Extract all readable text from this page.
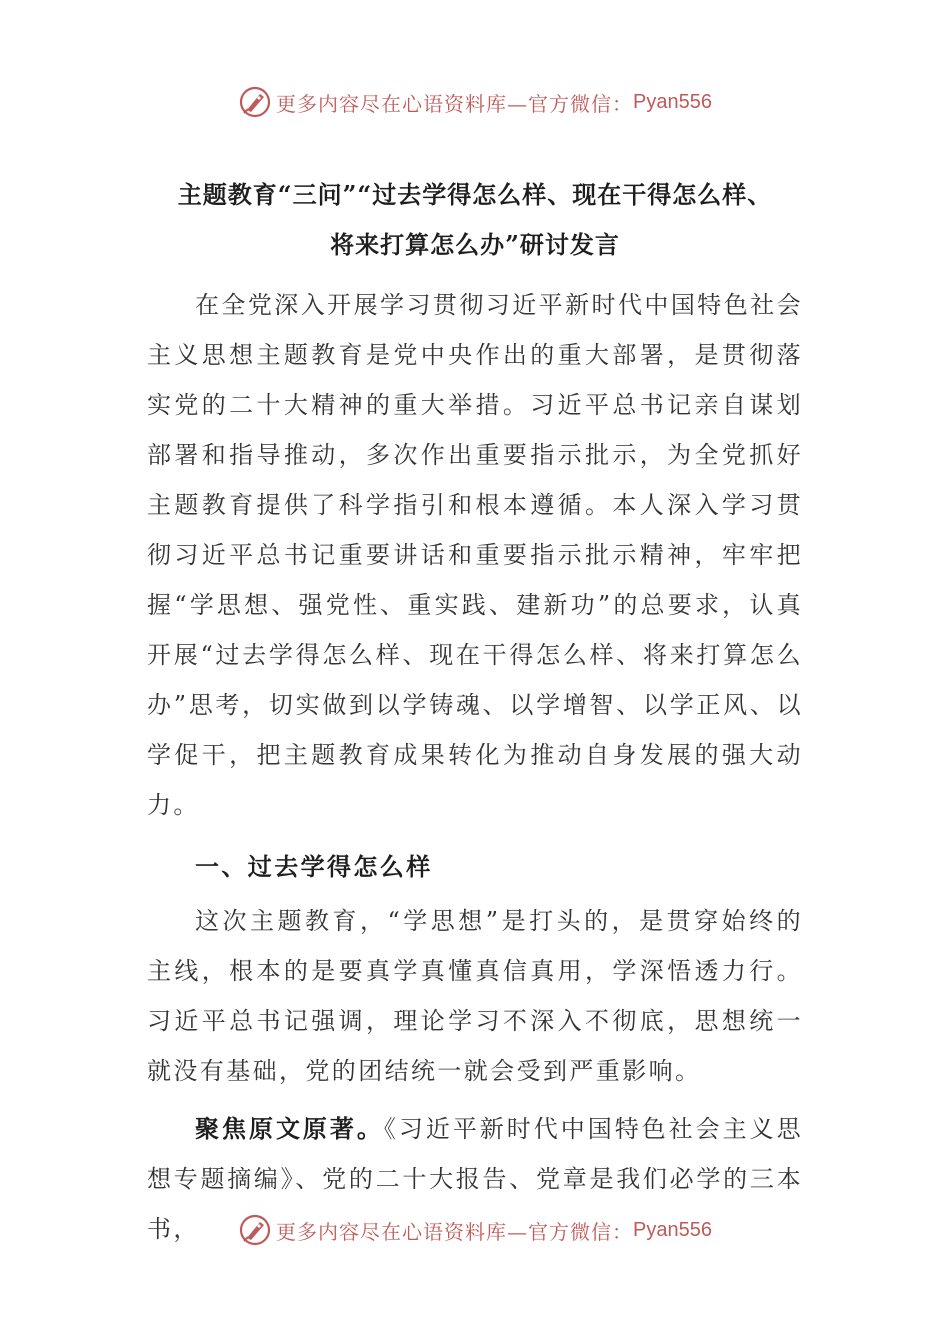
更多内容尽在心语资料库—官方微信： Pyan556
主题教育“三问”“过去学得怎么样、现在干得怎么样、
将来打算怎么办”研讨发言

在全党深入开展学习贯彻习近平新时代中国特色社会主义思想主题教育是党中央作出的重大部署，是贯彻落实党的二十大精神的重大举措。习近平总书记亲自谋划部署和指导推动，多次作出重要指示批示，为全党抓好主题教育提供了科学指引和根本遵循。本人深入学习贯彻习近平总书记重要讲话和重要指示批示精神，牢牢把握“学思想、强党性、重实践、建新功”的总要求，认真开展“过去学得怎么样、现在干得怎么样、将来打算怎么办”思考，切实做到以学铸魂、以学增智、以学正风、以学促干，把主题教育成果转化为推动自身发展的强大动力。

一、过去学得怎么样

这次主题教育，“学思想”是打头的，是贯穿始终的主线，根本的是要真学真懂真信真用，学深悟透力行。习近平总书记强调，理论学习不深入不彻底，思想统一就没有基础，党的团结统一就会受到严重影响。

聚焦原文原著。《习近平新时代中国特色社会主义思想专题摘编》、党的二十大报告、党章是我们必学的三本书，	更多内容尽在心语资料库—官方微信： Pyan556
